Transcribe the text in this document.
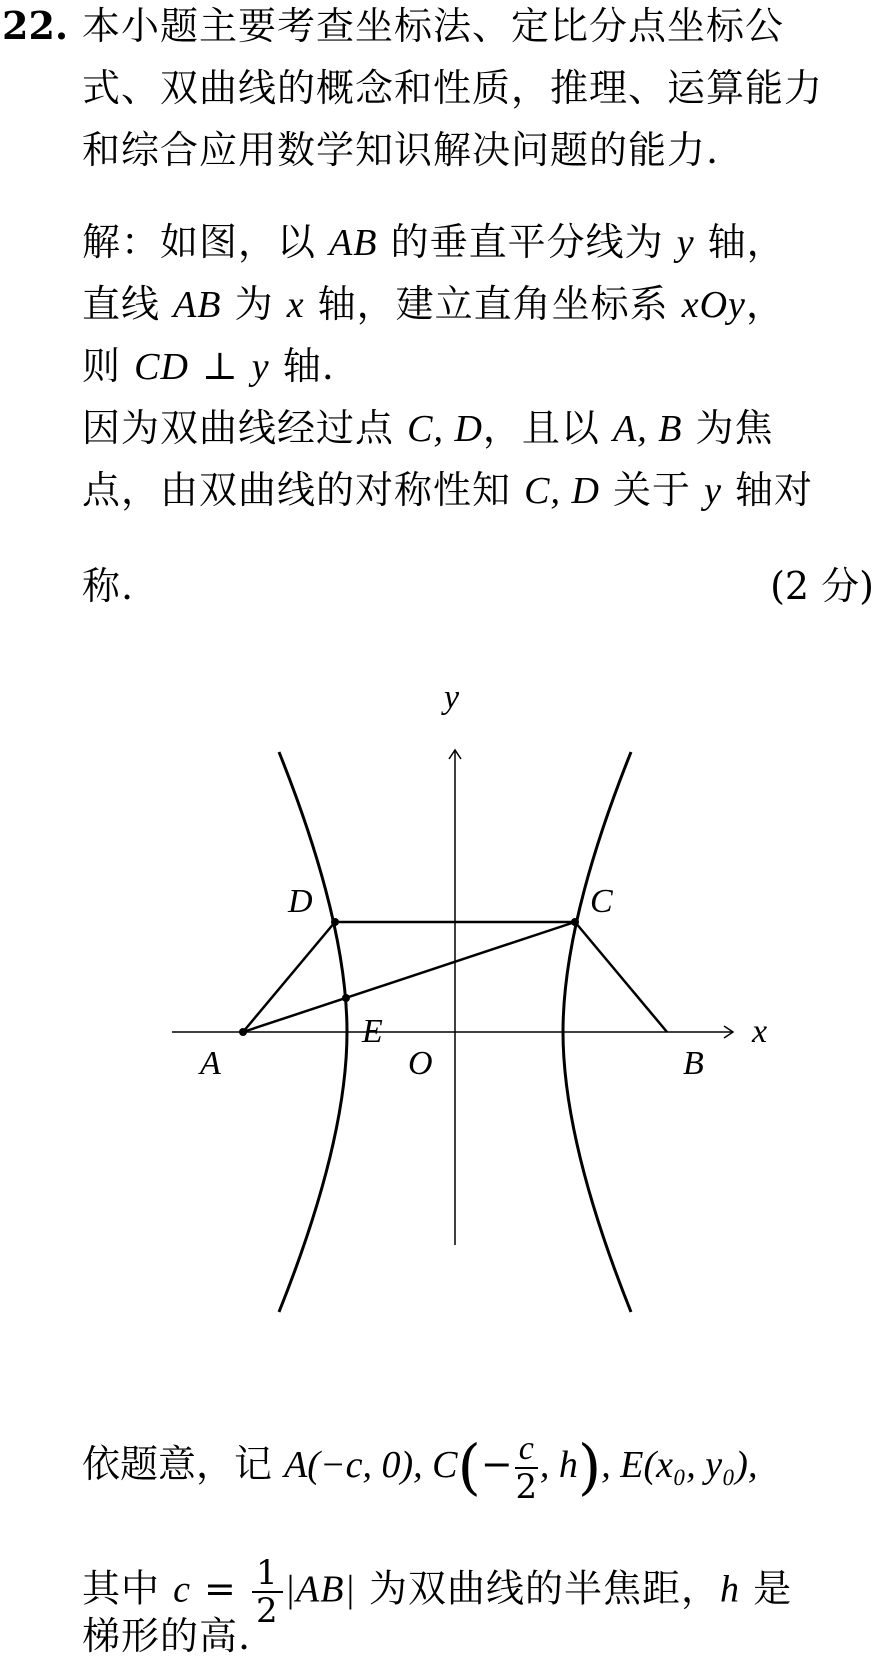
22. 本小题主要考查坐标法、定比分点坐标公
式、双曲线的概念和性质，推理、运算能力
和综合应用数学知识解决问题的能力.
解：如图，以 AB 的垂直平分线为 y 轴，
直线 AB 为 x 轴，建立直角坐标系 xOy，
则 CD ⊥ y 轴.
因为双曲线经过点 C, D，且以 A, B 为焦
点，由双曲线的对称性知 C, D 关于 y 轴对
称.	(2 分)
y
x
O
A	B
C
D
E
依题意，记 A(−c, 0), $C(- \frac{c}{2}$ , h), E(x₀, y₀),
其中 $c = \frac{1}{2} |AB|$ 为双曲线的半焦距，h 是
梯形的高.
